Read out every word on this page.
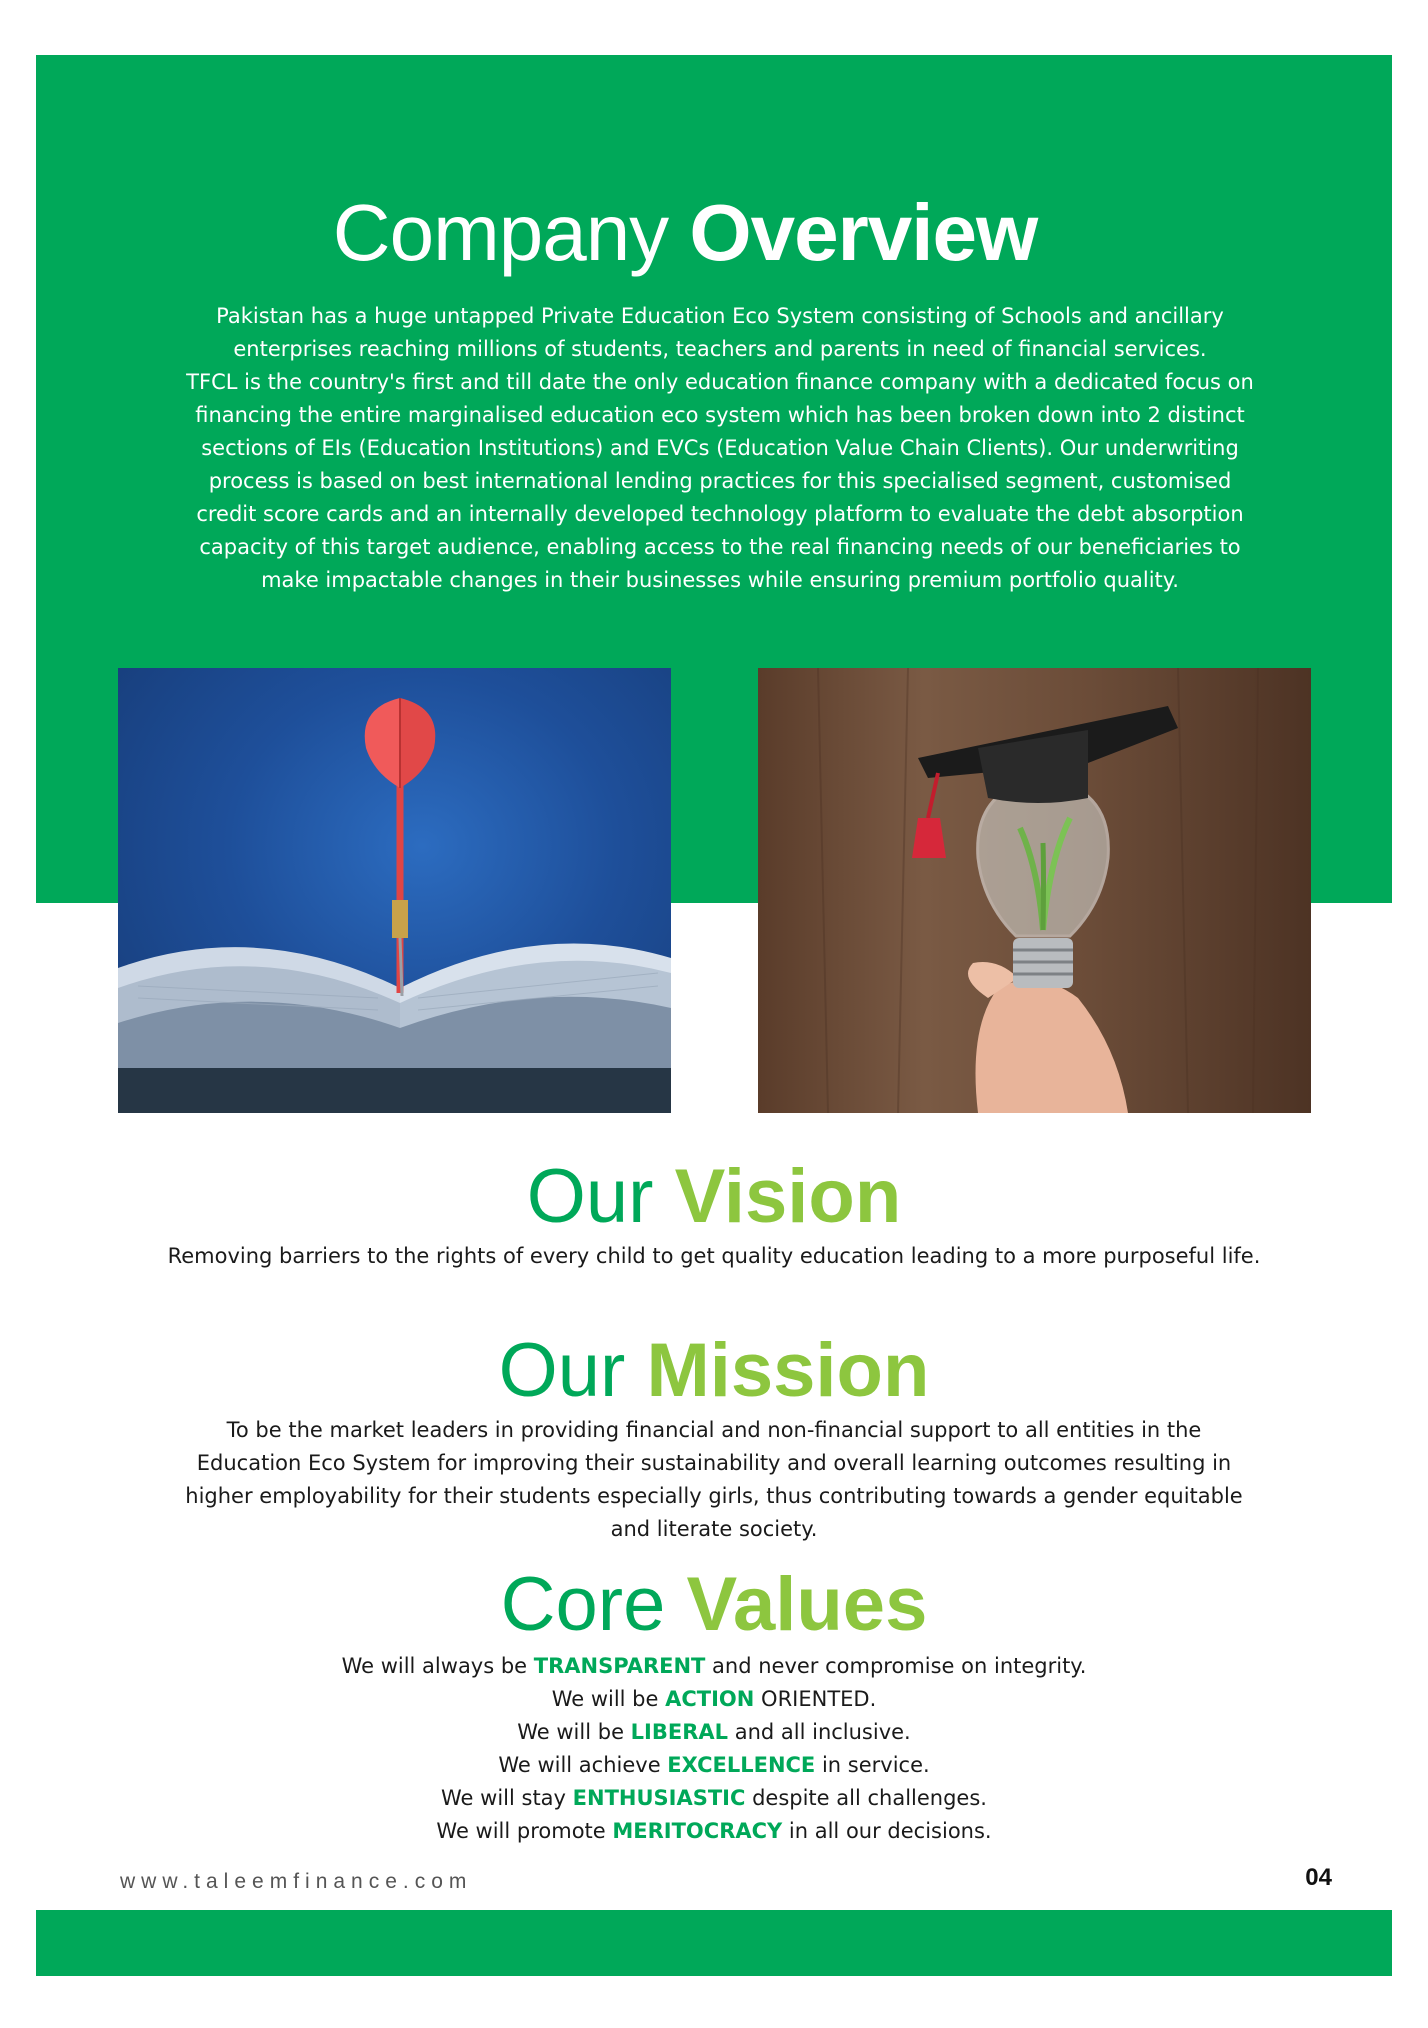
Company Overview

Pakistan has a huge untapped Private Education Eco System consisting of Schools and ancillary

enterprises reaching millions of students, teachers and parents in need of financial services.

TFCL is the country's first and till date the only education finance company with a dedicated focus on

financing the entire marginalised education eco system which has been broken down into 2 distinct

sections of EIs (Education Institutions) and EVCs (Education Value Chain Clients). Our underwriting

process is based on best international lending practices for this specialised segment, customised

credit score cards and an internally developed technology platform to evaluate the debt absorption

capacity of this target audience, enabling access to the real financing needs of our beneficiaries to

make impactable changes in their businesses while ensuring premium portfolio quality.

Our Vision

Removing barriers to the rights of every child to get quality education leading to a more purposeful life.

Our Mission

To be the market leaders in providing financial and non-financial support to all entities in the

Education Eco System for improving their sustainability and overall learning outcomes resulting in

higher employability for their students especially girls, thus contributing towards a gender equitable

and literate society.

Core Values

We will always be TRANSPARENT and never compromise on integrity.

We will be ACTION ORIENTED.

We will be LIBERAL and all inclusive.

We will achieve EXCELLENCE in service.

We will stay ENTHUSIASTIC despite all challenges.

We will promote MERITOCRACY in all our decisions.

www.taleemfinance.com	04
